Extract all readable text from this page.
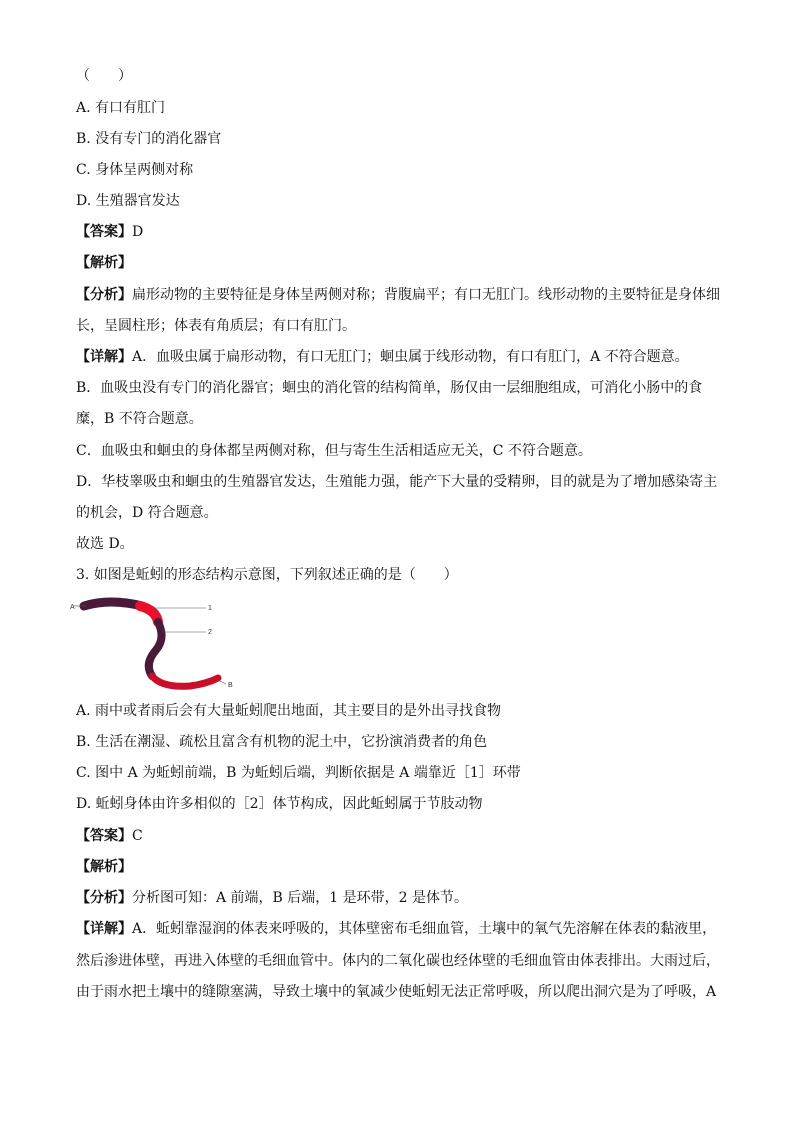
（　　）
A. 有口有肛门
B. 没有专门的消化器官
C. 身体呈两侧对称
D. 生殖器官发达
【答案】D
【解析】
【分析】扁形动物的主要特征是身体呈两侧对称；背腹扁平；有口无肛门。线形动物的主要特征是身体细
长，呈圆柱形；体表有角质层；有口有肛门。
【详解】A．血吸虫属于扁形动物，有口无肛门；蛔虫属于线形动物，有口有肛门，A 不符合题意。
B．血吸虫没有专门的消化器官；蛔虫的消化管的结构简单，肠仅由一层细胞组成，可消化小肠中的食
糜，B 不符合题意。
C．血吸虫和蛔虫的身体都呈两侧对称，但与寄生生活相适应无关，C 不符合题意。
D．华枝睾吸虫和蛔虫的生殖器官发达，生殖能力强，能产下大量的受精卵，目的就是为了增加感染寄主
的机会，D 符合题意。
故选 D。
3. 如图是蚯蚓的形态结构示意图，下列叙述正确的是（　　）
A	1
2
B
A. 雨中或者雨后会有大量蚯蚓爬出地面，其主要目的是外出寻找食物
B. 生活在潮湿、疏松且富含有机物的泥土中，它扮演消费者的角色
C. 图中 A 为蚯蚓前端，B 为蚯蚓后端，判断依据是 A 端靠近［1］环带
D. 蚯蚓身体由许多相似的［2］体节构成，因此蚯蚓属于节肢动物
【答案】C
【解析】
【分析】分析图可知：A 前端，B 后端，1 是环带，2 是体节。
【详解】A．蚯蚓靠湿润的体表来呼吸的，其体壁密布毛细血管，土壤中的氧气先溶解在体表的黏液里，
然后渗进体壁，再进入体壁的毛细血管中。体内的二氧化碳也经体壁的毛细血管由体表排出。大雨过后，
由于雨水把土壤中的缝隙塞满，导致土壤中的氧减少使蚯蚓无法正常呼吸，所以爬出洞穴是为了呼吸，A
